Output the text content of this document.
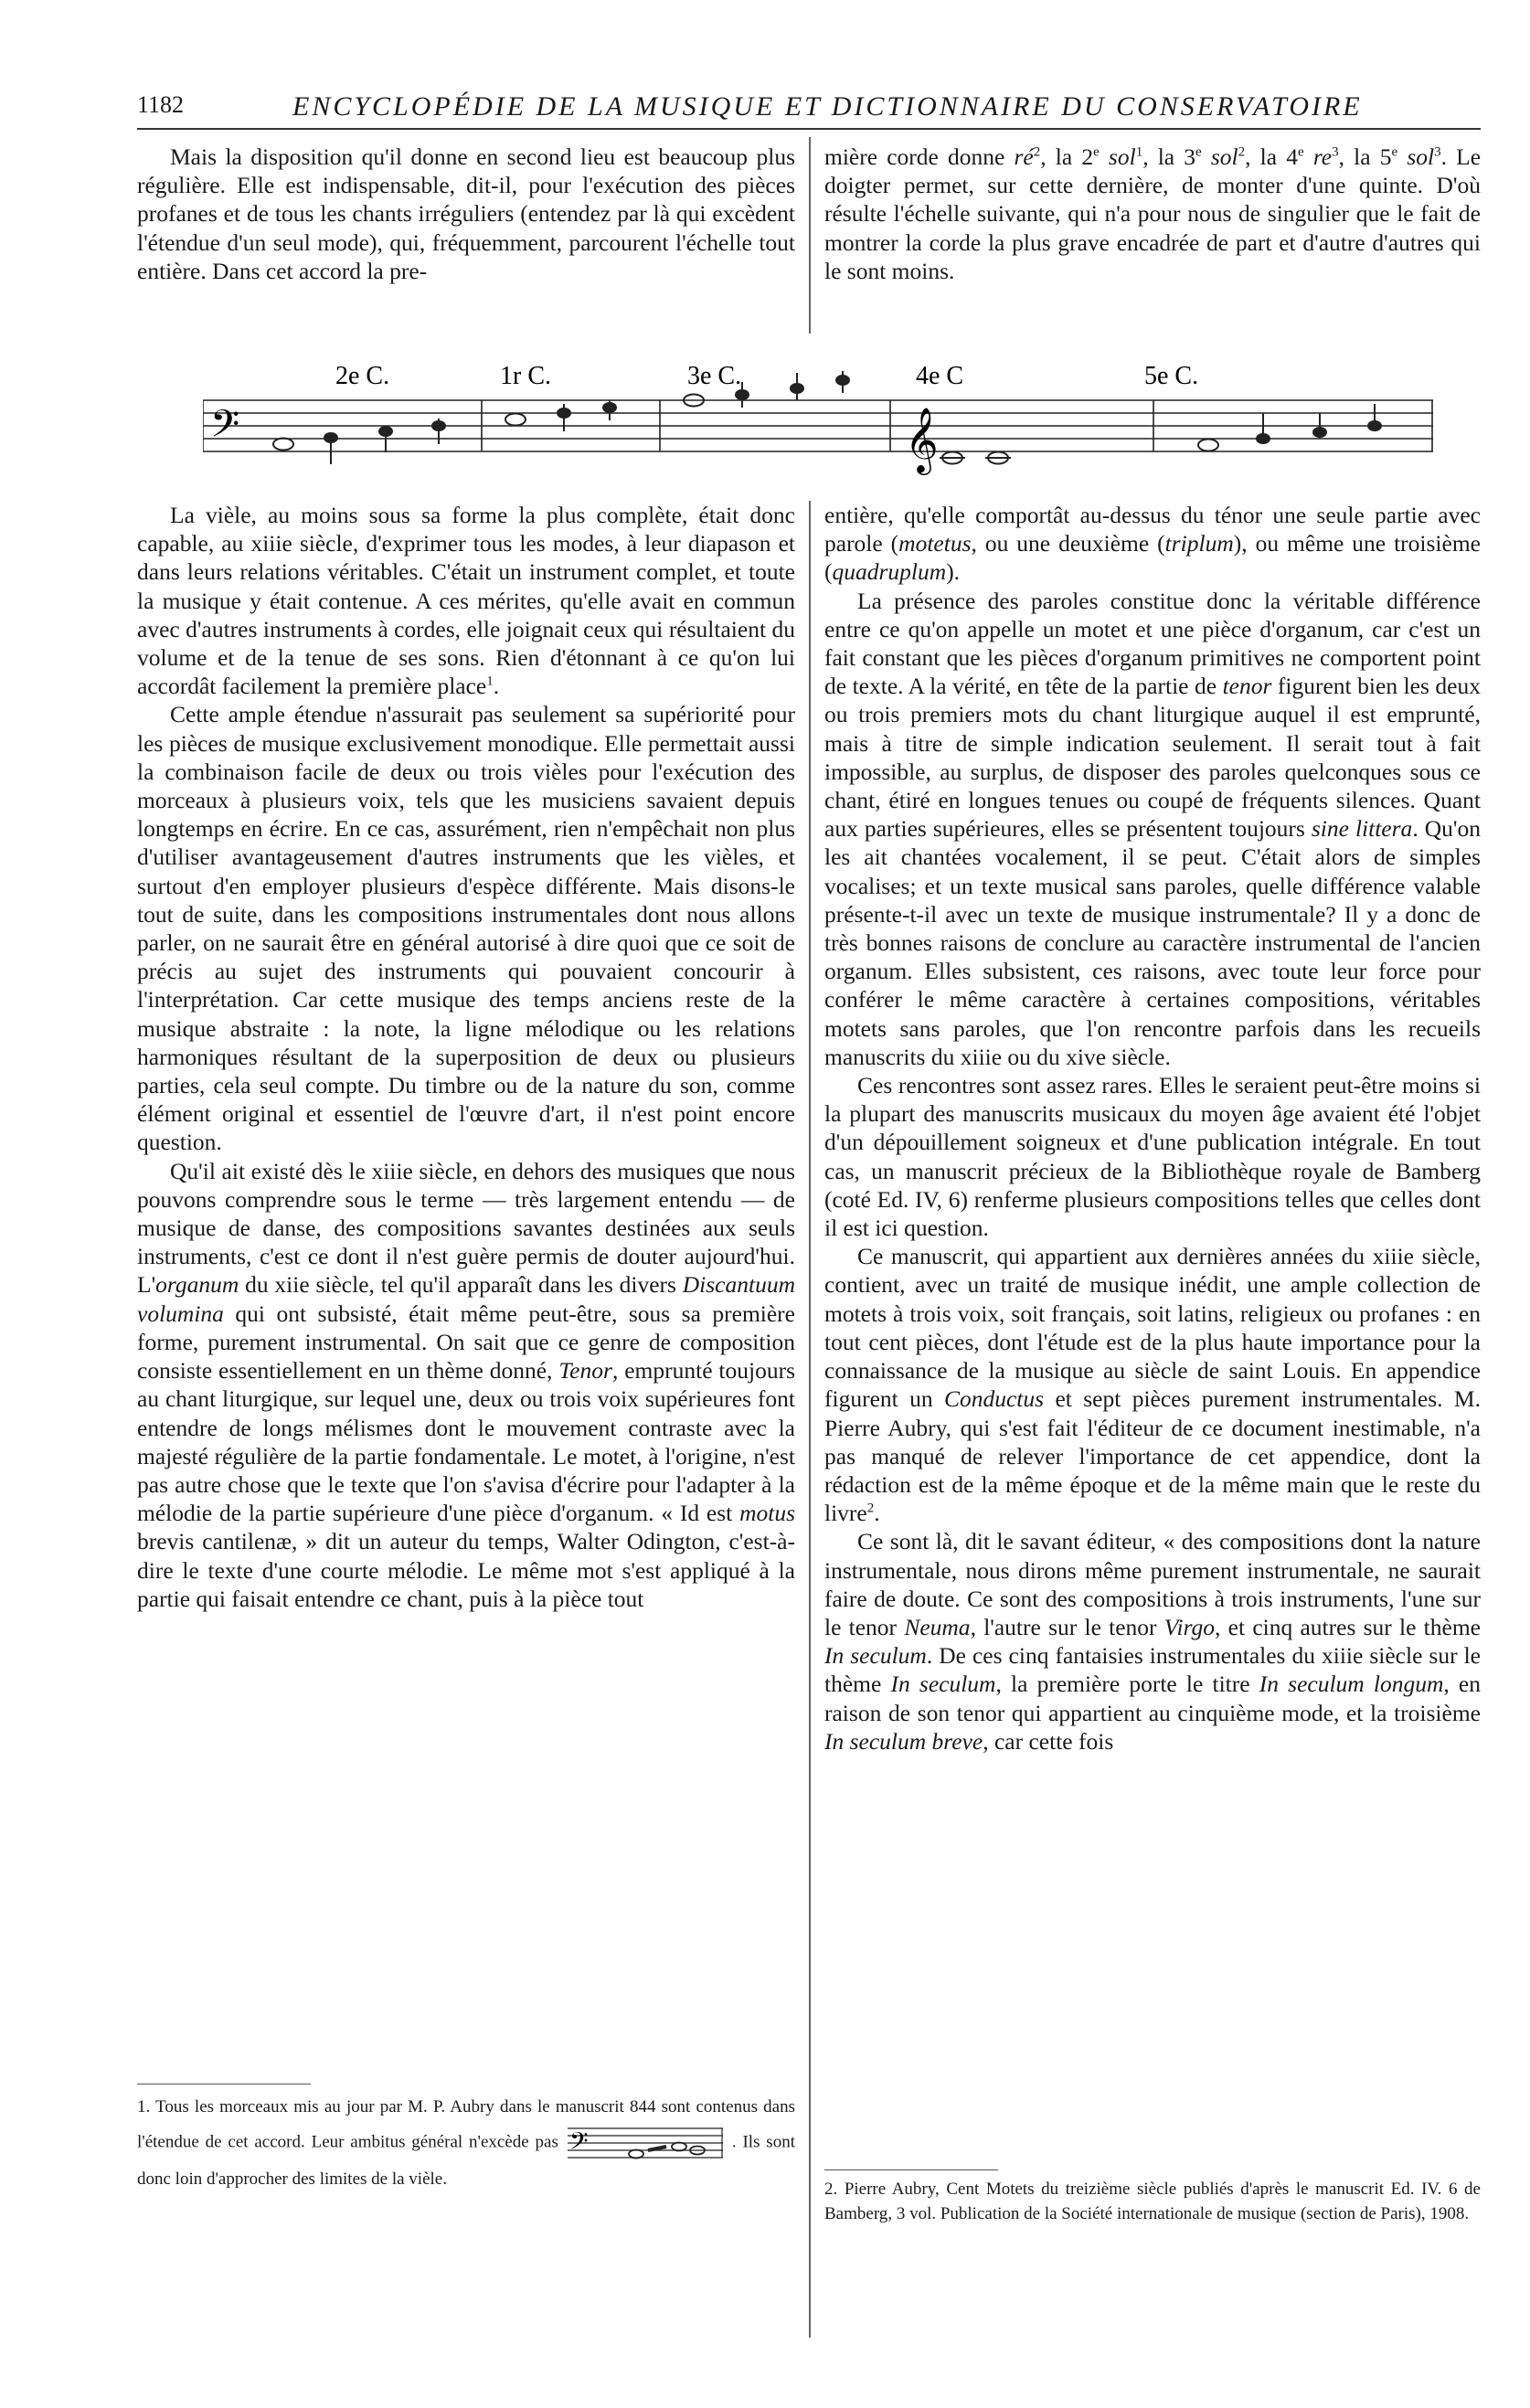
1182	ENCYCLOPÉDIE DE LA MUSIQUE ET DICTIONNAIRE DU CONSERVATOIRE

Mais la disposition qu'il donne en second lieu est beaucoup plus régulière. Elle est indispensable, dit-il, pour l'exécution des pièces profanes et de tous les chants irréguliers (entendez par là qui excèdent l'étendue d'un seul mode), qui, fréquemment, parcourent l'échelle tout entière. Dans cet accord la pre-

mière corde donne $ré^2$, la 2e sol$^1$, la 3e sol$^2$, la 4e $re^3$, la 5e sol$^3$. Le doigter permet, sur cette dernière, de monter d'une quinte. D'où résulte l'échelle suivante, qui n'a pour nous de singulier que le fait de montrer la corde la plus grave encadrée de part et d'autre d'autres qui le sont moins.

𝄢	𝄞
2e C.	1r C.	3e C.	4e C	5e C.

La vièle, au moins sous sa forme la plus complète, était donc capable, au xiiie siècle, d'exprimer tous les modes, à leur diapason et dans leurs relations véritables. C'était un instrument complet, et toute la musique y était contenue. A ces mérites, qu'elle avait en commun avec d'autres instruments à cordes, elle joignait ceux qui résultaient du volume et de la tenue de ses sons. Rien d'étonnant à ce qu'on lui accordât facilement la première place$^1$.

Cette ample étendue n'assurait pas seulement sa supériorité pour les pièces de musique exclusivement monodique. Elle permettait aussi la combinaison facile de deux ou trois vièles pour l'exécution des morceaux à plusieurs voix, tels que les musiciens savaient depuis longtemps en écrire. En ce cas, assurément, rien n'empêchait non plus d'utiliser avantageusement d'autres instruments que les vièles, et surtout d'en employer plusieurs d'espèce différente. Mais disons-le tout de suite, dans les compositions instrumentales dont nous allons parler, on ne saurait être en général autorisé à dire quoi que ce soit de précis au sujet des instruments qui pouvaient concourir à l'interprétation. Car cette musique des temps anciens reste de la musique abstraite : la note, la ligne mélodique ou les relations harmoniques résultant de la superposition de deux ou plusieurs parties, cela seul compte. Du timbre ou de la nature du son, comme élément original et essentiel de l'œuvre d'art, il n'est point encore question.

Qu'il ait existé dès le xiiie siècle, en dehors des musiques que nous pouvons comprendre sous le terme — très largement entendu — de musique de danse, des compositions savantes destinées aux seuls instruments, c'est ce dont il n'est guère permis de douter aujourd'hui. L'organum du xiie siècle, tel qu'il apparaît dans les divers Discantuum volumina qui ont subsisté, était même peut-être, sous sa première forme, purement instrumental. On sait que ce genre de composition consiste essentiellement en un thème donné, Tenor, emprunté toujours au chant liturgique, sur lequel une, deux ou trois voix supérieures font entendre de longs mélismes dont le mouvement contraste avec la majesté régulière de la partie fondamentale. Le motet, à l'origine, n'est pas autre chose que le texte que l'on s'avisa d'écrire pour l'adapter à la mélodie de la partie supérieure d'une pièce d'organum. « Id est motus brevis cantilenæ, » dit un auteur du temps, Walter Odington, c'est-à-dire le texte d'une courte mélodie. Le même mot s'est appliqué à la partie qui faisait entendre ce chant, puis à la pièce tout

entière, qu'elle comportât au-dessus du ténor une seule partie avec parole (motetus, ou une deuxième (triplum), ou même une troisième (quadruplum).

La présence des paroles constitue donc la véritable différence entre ce qu'on appelle un motet et une pièce d'organum, car c'est un fait constant que les pièces d'organum primitives ne comportent point de texte. A la vérité, en tête de la partie de tenor figurent bien les deux ou trois premiers mots du chant liturgique auquel il est emprunté, mais à titre de simple indication seulement. Il serait tout à fait impossible, au surplus, de disposer des paroles quelconques sous ce chant, étiré en longues tenues ou coupé de fréquents silences. Quant aux parties supérieures, elles se présentent toujours sine littera. Qu'on les ait chantées vocalement, il se peut. C'était alors de simples vocalises; et un texte musical sans paroles, quelle différence valable présente-t-il avec un texte de musique instrumentale? Il y a donc de très bonnes raisons de conclure au caractère instrumental de l'ancien organum. Elles subsistent, ces raisons, avec toute leur force pour conférer le même caractère à certaines compositions, véritables motets sans paroles, que l'on rencontre parfois dans les recueils manuscrits du xiiie ou du xive siècle.

Ces rencontres sont assez rares. Elles le seraient peut-être moins si la plupart des manuscrits musicaux du moyen âge avaient été l'objet d'un dépouillement soigneux et d'une publication intégrale. En tout cas, un manuscrit précieux de la Bibliothèque royale de Bamberg (coté Ed. IV, 6) renferme plusieurs compositions telles que celles dont il est ici question.

Ce manuscrit, qui appartient aux dernières années du xiiie siècle, contient, avec un traité de musique inédit, une ample collection de motets à trois voix, soit français, soit latins, religieux ou profanes : en tout cent pièces, dont l'étude est de la plus haute importance pour la connaissance de la musique au siècle de saint Louis. En appendice figurent un Conductus et sept pièces purement instrumentales. M. Pierre Aubry, qui s'est fait l'éditeur de ce document inestimable, n'a pas manqué de relever l'importance de cet appendice, dont la rédaction est de la même époque et de la même main que le reste du livre$^2$.

Ce sont là, dit le savant éditeur, « des compositions dont la nature instrumentale, nous dirons même purement instrumentale, ne saurait faire de doute. Ce sont des compositions à trois instruments, l'une sur le tenor Neuma, l'autre sur le tenor Virgo, et cinq autres sur le thème In seculum. De ces cinq fantaisies instrumentales du xiiie siècle sur le thème In seculum, la première porte le titre In seculum longum, en raison de son tenor qui appartient au cinquième mode, et la troisième In seculum breve, car cette fois

1. Tous les morceaux mis au jour par M. P. Aubry dans le manuscrit 844 sont contenus dans l'étendue de cet accord. Leur ambitus général n'excède pas 𝄢	. Ils sont donc loin d'approcher des limites de la vièle.
2. Pierre Aubry, Cent Motets du treizième siècle publiés d'après le manuscrit Ed. IV. 6 de Bamberg, 3 vol. Publication de la Société internationale de musique (section de Paris), 1908.
